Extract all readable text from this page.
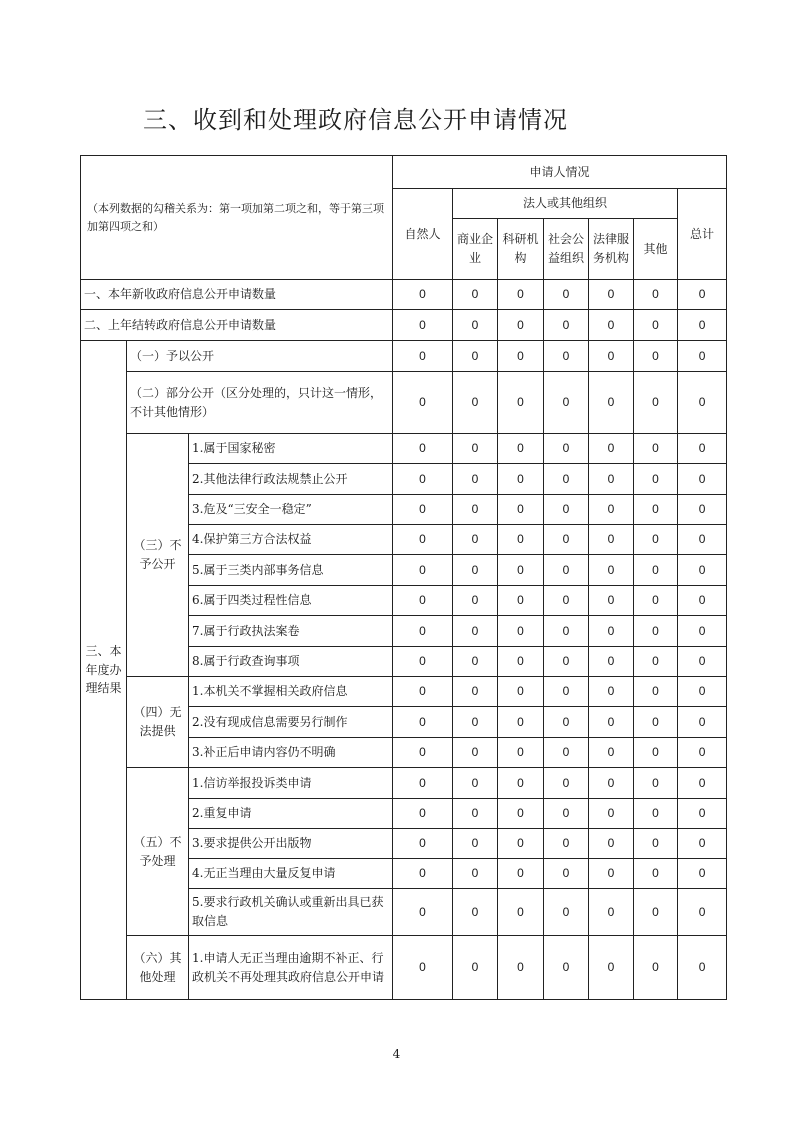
三、收到和处理政府信息公开申请情况
（本列数据的勾稽关系为：第一项加第二项之和，等于第三项加第四项之和）			申请人情况						
			自然人	法人或其他组织					总计
				商业企业	科研机构	社会公益组织	法律服务机构	其他	
一、本年新收政府信息公开申请数量			0	0	0	0	0	0	0
二、上年结转政府信息公开申请数量			0	0	0	0	0	0	0
三、本年度办理结果	（一）予以公开		0	0	0	0	0	0	0
	（二）部分公开（区分处理的，只计这一情形，不计其他情形）		0	0	0	0	0	0	0
	（三）不予公开	1.属于国家秘密	0	0	0	0	0	0	0
		2.其他法律行政法规禁止公开	0	0	0	0	0	0	0
		3.危及“三安全一稳定”	0	0	0	0	0	0	0
		4.保护第三方合法权益	0	0	0	0	0	0	0
		5.属于三类内部事务信息	0	0	0	0	0	0	0
		6.属于四类过程性信息	0	0	0	0	0	0	0
		7.属于行政执法案卷	0	0	0	0	0	0	0
		8.属于行政查询事项	0	0	0	0	0	0	0
	（四）无法提供	1.本机关不掌握相关政府信息	0	0	0	0	0	0	0
		2.没有现成信息需要另行制作	0	0	0	0	0	0	0
		3.补正后申请内容仍不明确	0	0	0	0	0	0	0
	（五）不予处理	1.信访举报投诉类申请	0	0	0	0	0	0	0
		2.重复申请	0	0	0	0	0	0	0
		3.要求提供公开出版物	0	0	0	0	0	0	0
		4.无正当理由大量反复申请	0	0	0	0	0	0	0
		5.要求行政机关确认或重新出具已获取信息	0	0	0	0	0	0	0
	（六）其他处理	1.申请人无正当理由逾期不补正、行政机关不再处理其政府信息公开申请	0	0	0	0	0	0	0
4
